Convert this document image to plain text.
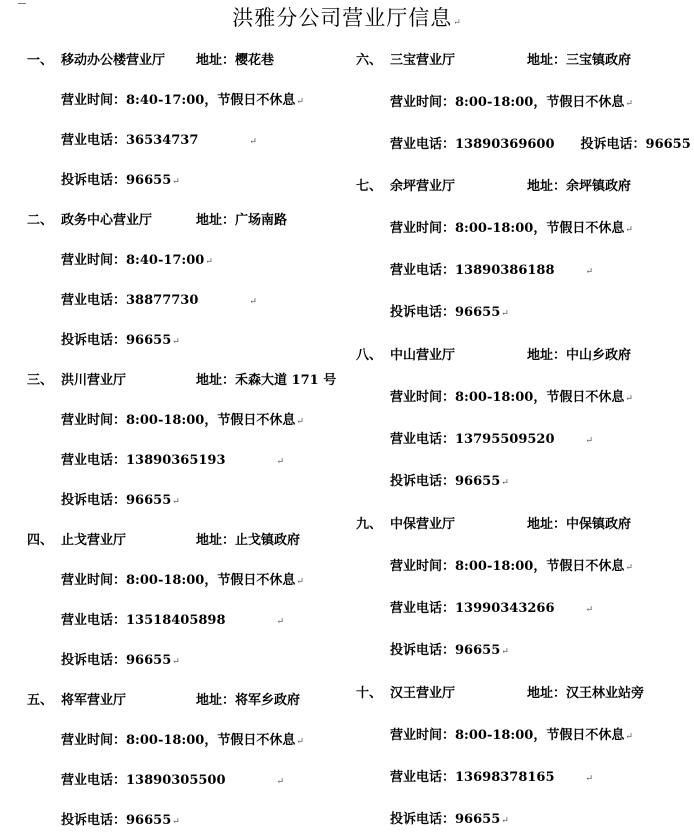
洪雅分公司营业厅信息↵
一、 移动办公楼营业厅 地址：樱花巷
营业时间：8:40-17:00，节假日不休息↵
营业电话：36534737	↵
投诉电话：96655↵
二、 政务中心营业厅	地址：广场南路
营业时间：8:40-17:00↵
营业电话：38877730	↵
投诉电话：96655↵
三、 洪川营业厅	地址：禾森大道 171 号
营业时间：8:00-18:00，节假日不休息↵
营业电话：13890365193	↵
投诉电话：96655↵
四、 止戈营业厅	地址：止戈镇政府
营业时间：8:00-18:00，节假日不休息↵
营业电话：13518405898	↵
投诉电话：96655↵
五、 将军营业厅	地址：将军乡政府
营业时间：8:00-18:00，节假日不休息↵
营业电话：13890305500	↵
投诉电话：96655↵
六、 三宝营业厅	地址：三宝镇政府
营业时间：8:00-18:00，节假日不休息↵
营业电话：13890369600 投诉电话：96655
七、 余坪营业厅	地址：余坪镇政府
营业时间：8:00-18:00，节假日不休息↵
营业电话：13890386188	↵
投诉电话：96655↵
八、 中山营业厅	地址：中山乡政府
营业时间：8:00-18:00，节假日不休息↵
营业电话：13795509520	↵
投诉电话：96655↵
九、 中保营业厅	地址：中保镇政府
营业时间：8:00-18:00，节假日不休息↵
营业电话：13990343266	↵
投诉电话：96655↵
十、 汉王营业厅	地址：汉王林业站旁
营业时间：8:00-18:00，节假日不休息↵
营业电话：13698378165	↵
投诉电话：96655↵
